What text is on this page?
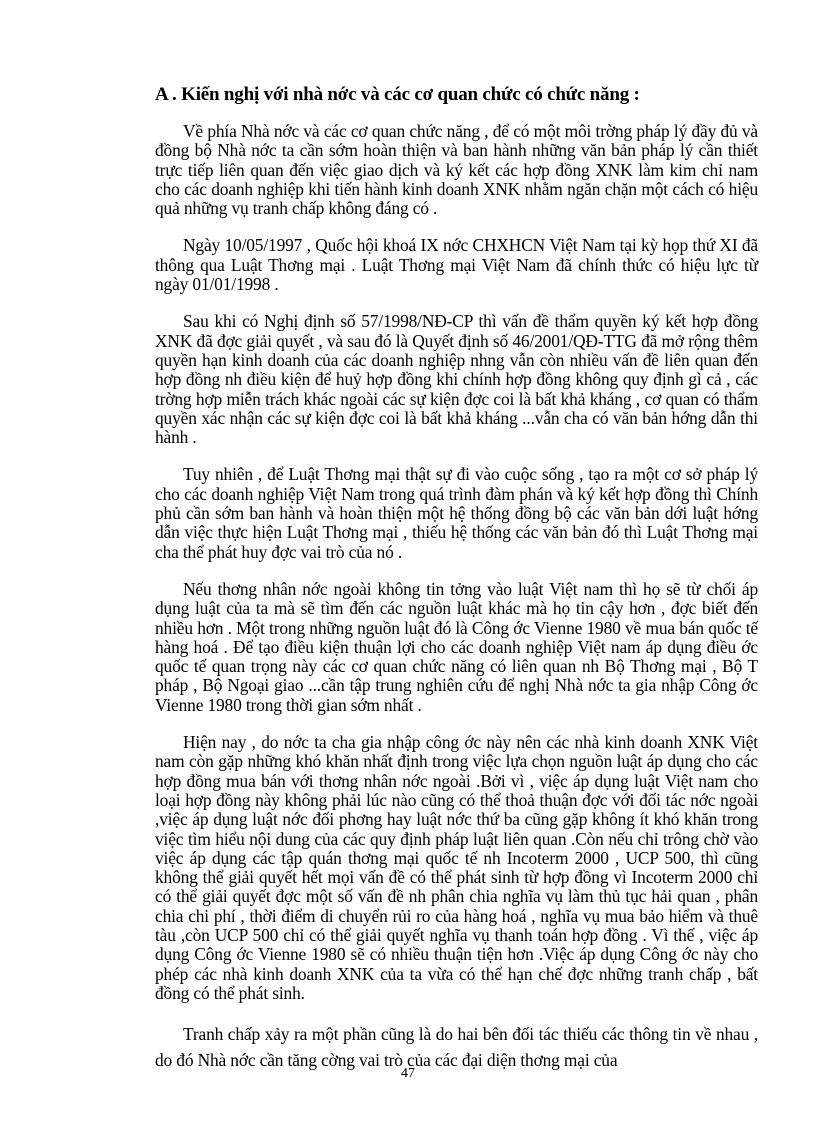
A . Kiến nghị với nhà nớc và các cơ quan chức có chức năng :

Về phía Nhà nớc và các cơ quan chức năng , để có một môi trờng pháp lý đầy đủ và đồng bộ Nhà nớc ta cần sớm hoàn thiện và ban hành những văn bản pháp lý cần thiết trực tiếp liên quan đến việc giao dịch và ký kết các hợp đồng XNK làm kim chỉ nam cho các doanh nghiệp khi tiến hành kinh doanh XNK nhằm ngăn chặn một cách có hiệu quả những vụ tranh chấp không đáng có .

Ngày 10/05/1997 , Quốc hội khoá IX nớc CHXHCN Việt Nam tại kỳ họp thứ XI đã thông qua Luật Thơng mại . Luật Thơng mại Việt Nam đã chính thức có hiệu lực từ ngày 01/01/1998 .

Sau khi có Nghị định số 57/1998/NĐ-CP thì vấn đề thẩm quyền ký kết hợp đồng XNK đã đợc giải quyết , và sau đó là Quyết định số 46/2001/QĐ-TTG đã mở rộng thêm quyền hạn kinh doanh của các doanh nghiệp nhng vẫn còn nhiều vấn đề liên quan đến hợp đồng nh điều kiện để huỷ hợp đồng khi chính hợp đồng không quy định gì cả , các trờng hợp miễn trách khác ngoài các sự kiện đợc coi là bất khả kháng , cơ quan có thẩm quyền xác nhận các sự kiện đợc coi là bất khả kháng ...vẫn cha có văn bản hớng dẫn thi hành .

Tuy nhiên , để Luật Thơng mại thật sự đi vào cuộc sống , tạo ra một cơ sở pháp lý cho các doanh nghiệp Việt Nam trong quá trình đàm phán và ký kết hợp đồng thì Chính phủ cần sớm ban hành và hoàn thiện một hệ thống đồng bộ các văn bản dới luật hớng dẫn việc thực hiện Luật Thơng mại , thiếu hệ thống các văn bản đó thì Luật Thơng mại cha thể phát huy đợc vai trò của nó .

Nếu thơng nhân nớc ngoài không tin tởng vào luật Việt nam thì họ sẽ từ chối áp dụng luật của ta mà sẽ tìm đến các nguồn luật khác mà họ tin cậy hơn , đợc biết đến nhiều hơn . Một trong những nguồn luật đó là Công ớc Vienne 1980 về mua bán quốc tế hàng hoá . Để tạo điều kiện thuận lợi cho các doanh nghiệp Việt nam áp dụng điều ớc quốc tế quan trọng này các cơ quan chức năng có liên quan nh Bộ Thơng mại , Bộ T pháp , Bộ Ngoại giao ...cần tập trung nghiên cứu để nghị Nhà nớc ta gia nhập Công ớc Vienne 1980 trong thời gian sớm nhất .

Hiện nay , do nớc ta cha gia nhập công ớc này nên các nhà kinh doanh XNK Việt nam còn gặp những khó khăn nhất định trong việc lựa chọn nguồn luật áp dụng cho các hợp đồng mua bán với thơng nhân nớc ngoài .Bởi vì , việc áp dụng luật Việt nam cho loại hợp đồng này không phải lúc nào cũng có thể thoả thuận đợc với đối tác nớc ngoài ,việc áp dụng luật nớc đối phơng hay luật nớc thứ ba cũng gặp không ít khó khăn trong việc tìm hiểu nội dung của các quy định pháp luật liên quan .Còn nếu chỉ trông chờ vào việc áp dụng các tập quán thơng mại quốc tế nh Incoterm 2000 , UCP 500, thì cũng không thể giải quyết hết mọi vấn đề có thể phát sinh từ hợp đồng vì Incoterm 2000 chỉ có thể giải quyết đợc một số vấn đề nh phân chia nghĩa vụ làm thủ tục hải quan , phân chia chi phí , thời điểm di chuyển rủi ro của hàng hoá , nghĩa vụ mua bảo hiểm và thuê tàu ,còn UCP 500 chỉ có thể giải quyết nghĩa vụ thanh toán hợp đồng . Vì thế , việc áp dụng Công ớc Vienne 1980 sẽ có nhiều thuận tiện hơn .Việc áp dụng Công ớc này cho phép các nhà kinh doanh XNK của ta vừa có thể hạn chế đợc những tranh chấp , bất đồng có thể phát sinh.

Tranh chấp xảy ra một phần cũng là do hai bên đối tác thiếu các thông tin về nhau , do đó Nhà nớc cần tăng cờng vai trò của các đại diện thơng mại của

47
